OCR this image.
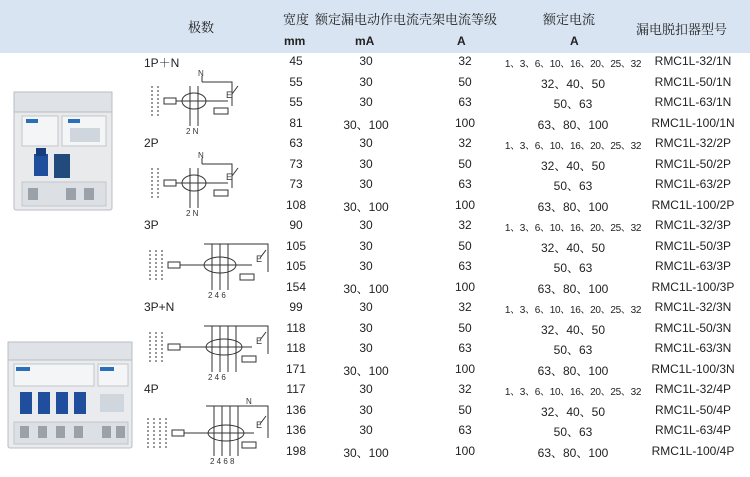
极数
宽度 额定漏电动作电流 壳架电流等级	额定电流
漏电脱扣器型号
mm	mA	A	A
N
E
2 N
N
E
2 N
E
2 4 6
E
2 4 6
N
E
2 4 6 8
1P＋N	45	30	32	1、3、6、10、16、20、25、32 RMC1L-32/1N
55	30	50	32、40、50	RMC1L-50/1N
55	30	63	50、63	RMC1L-63/1N
81	30、100	100	63、80、100	RMC1L-100/1N
2P	63	30	32	1、3、6、10、16、20、25、32 RMC1L-32/2P
73	30	50	32、40、50	RMC1L-50/2P
73	30	63	50、63	RMC1L-63/2P
108	30、100	100	63、80、100	RMC1L-100/2P
3P	90	30	32	1、3、6、10、16、20、25、32 RMC1L-32/3P
105	30	50	32、40、50	RMC1L-50/3P
105	30	63	50、63	RMC1L-63/3P
154	30、100	100	63、80、100	RMC1L-100/3P
3P+N	99	30	32	1、3、6、10、16、20、25、32 RMC1L-32/3N
118	30	50	32、40、50	RMC1L-50/3N
118	30	63	50、63	RMC1L-63/3N
171	30、100	100	63、80、100	RMC1L-100/3N
4P	117	30	32	1、3、6、10、16、20、25、32 RMC1L-32/4P
136	30	50	32、40、50	RMC1L-50/4P
136	30	63	50、63	RMC1L-63/4P
198	30、100	100	63、80、100	RMC1L-100/4P
